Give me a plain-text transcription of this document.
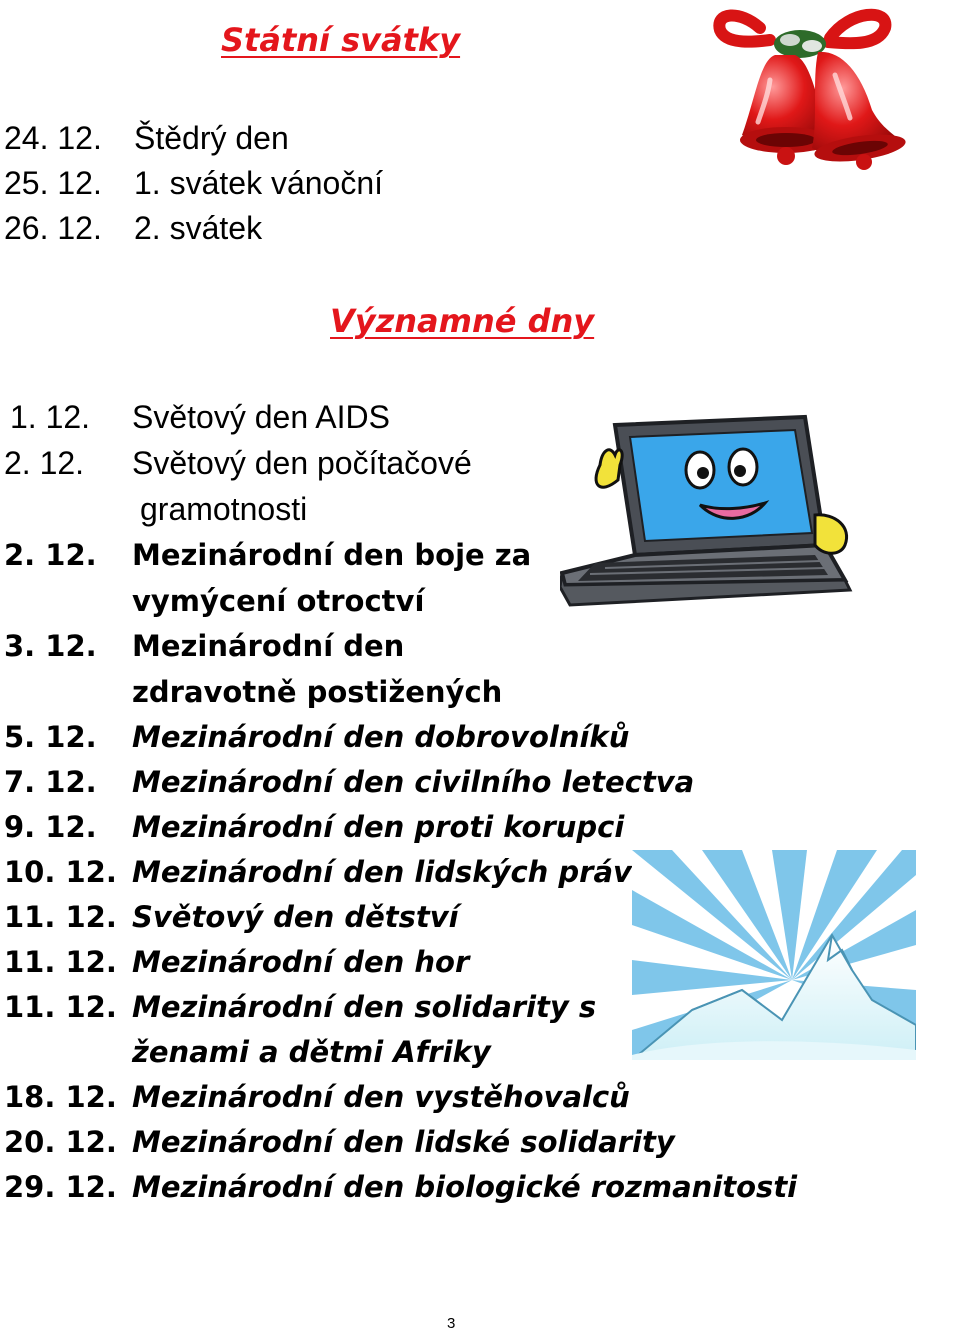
Státní svátky
24. 12. Štědrý den
25. 12. 1. svátek vánoční
26. 12. 2. svátek
Významné dny
1. 12. Světový den AIDS
2. 12. Světový den počítačové
gramotnosti
2. 12. Mezinárodní den boje za
vymýcení otroctví
3. 12. Mezinárodní den
zdravotně postižených
5. 12. Mezinárodní den dobrovolníků
7. 12. Mezinárodní den civilního letectva
9. 12. Mezinárodní den proti korupci
10. 12. Mezinárodní den lidských práv
11. 12. Světový den dětství
11. 12. Mezinárodní den hor
11. 12. Mezinárodní den solidarity s
ženami a dětmi Afriky
18. 12. Mezinárodní den vystěhovalců
20. 12. Mezinárodní den lidské solidarity
29. 12. Mezinárodní den biologické rozmanitosti
3
